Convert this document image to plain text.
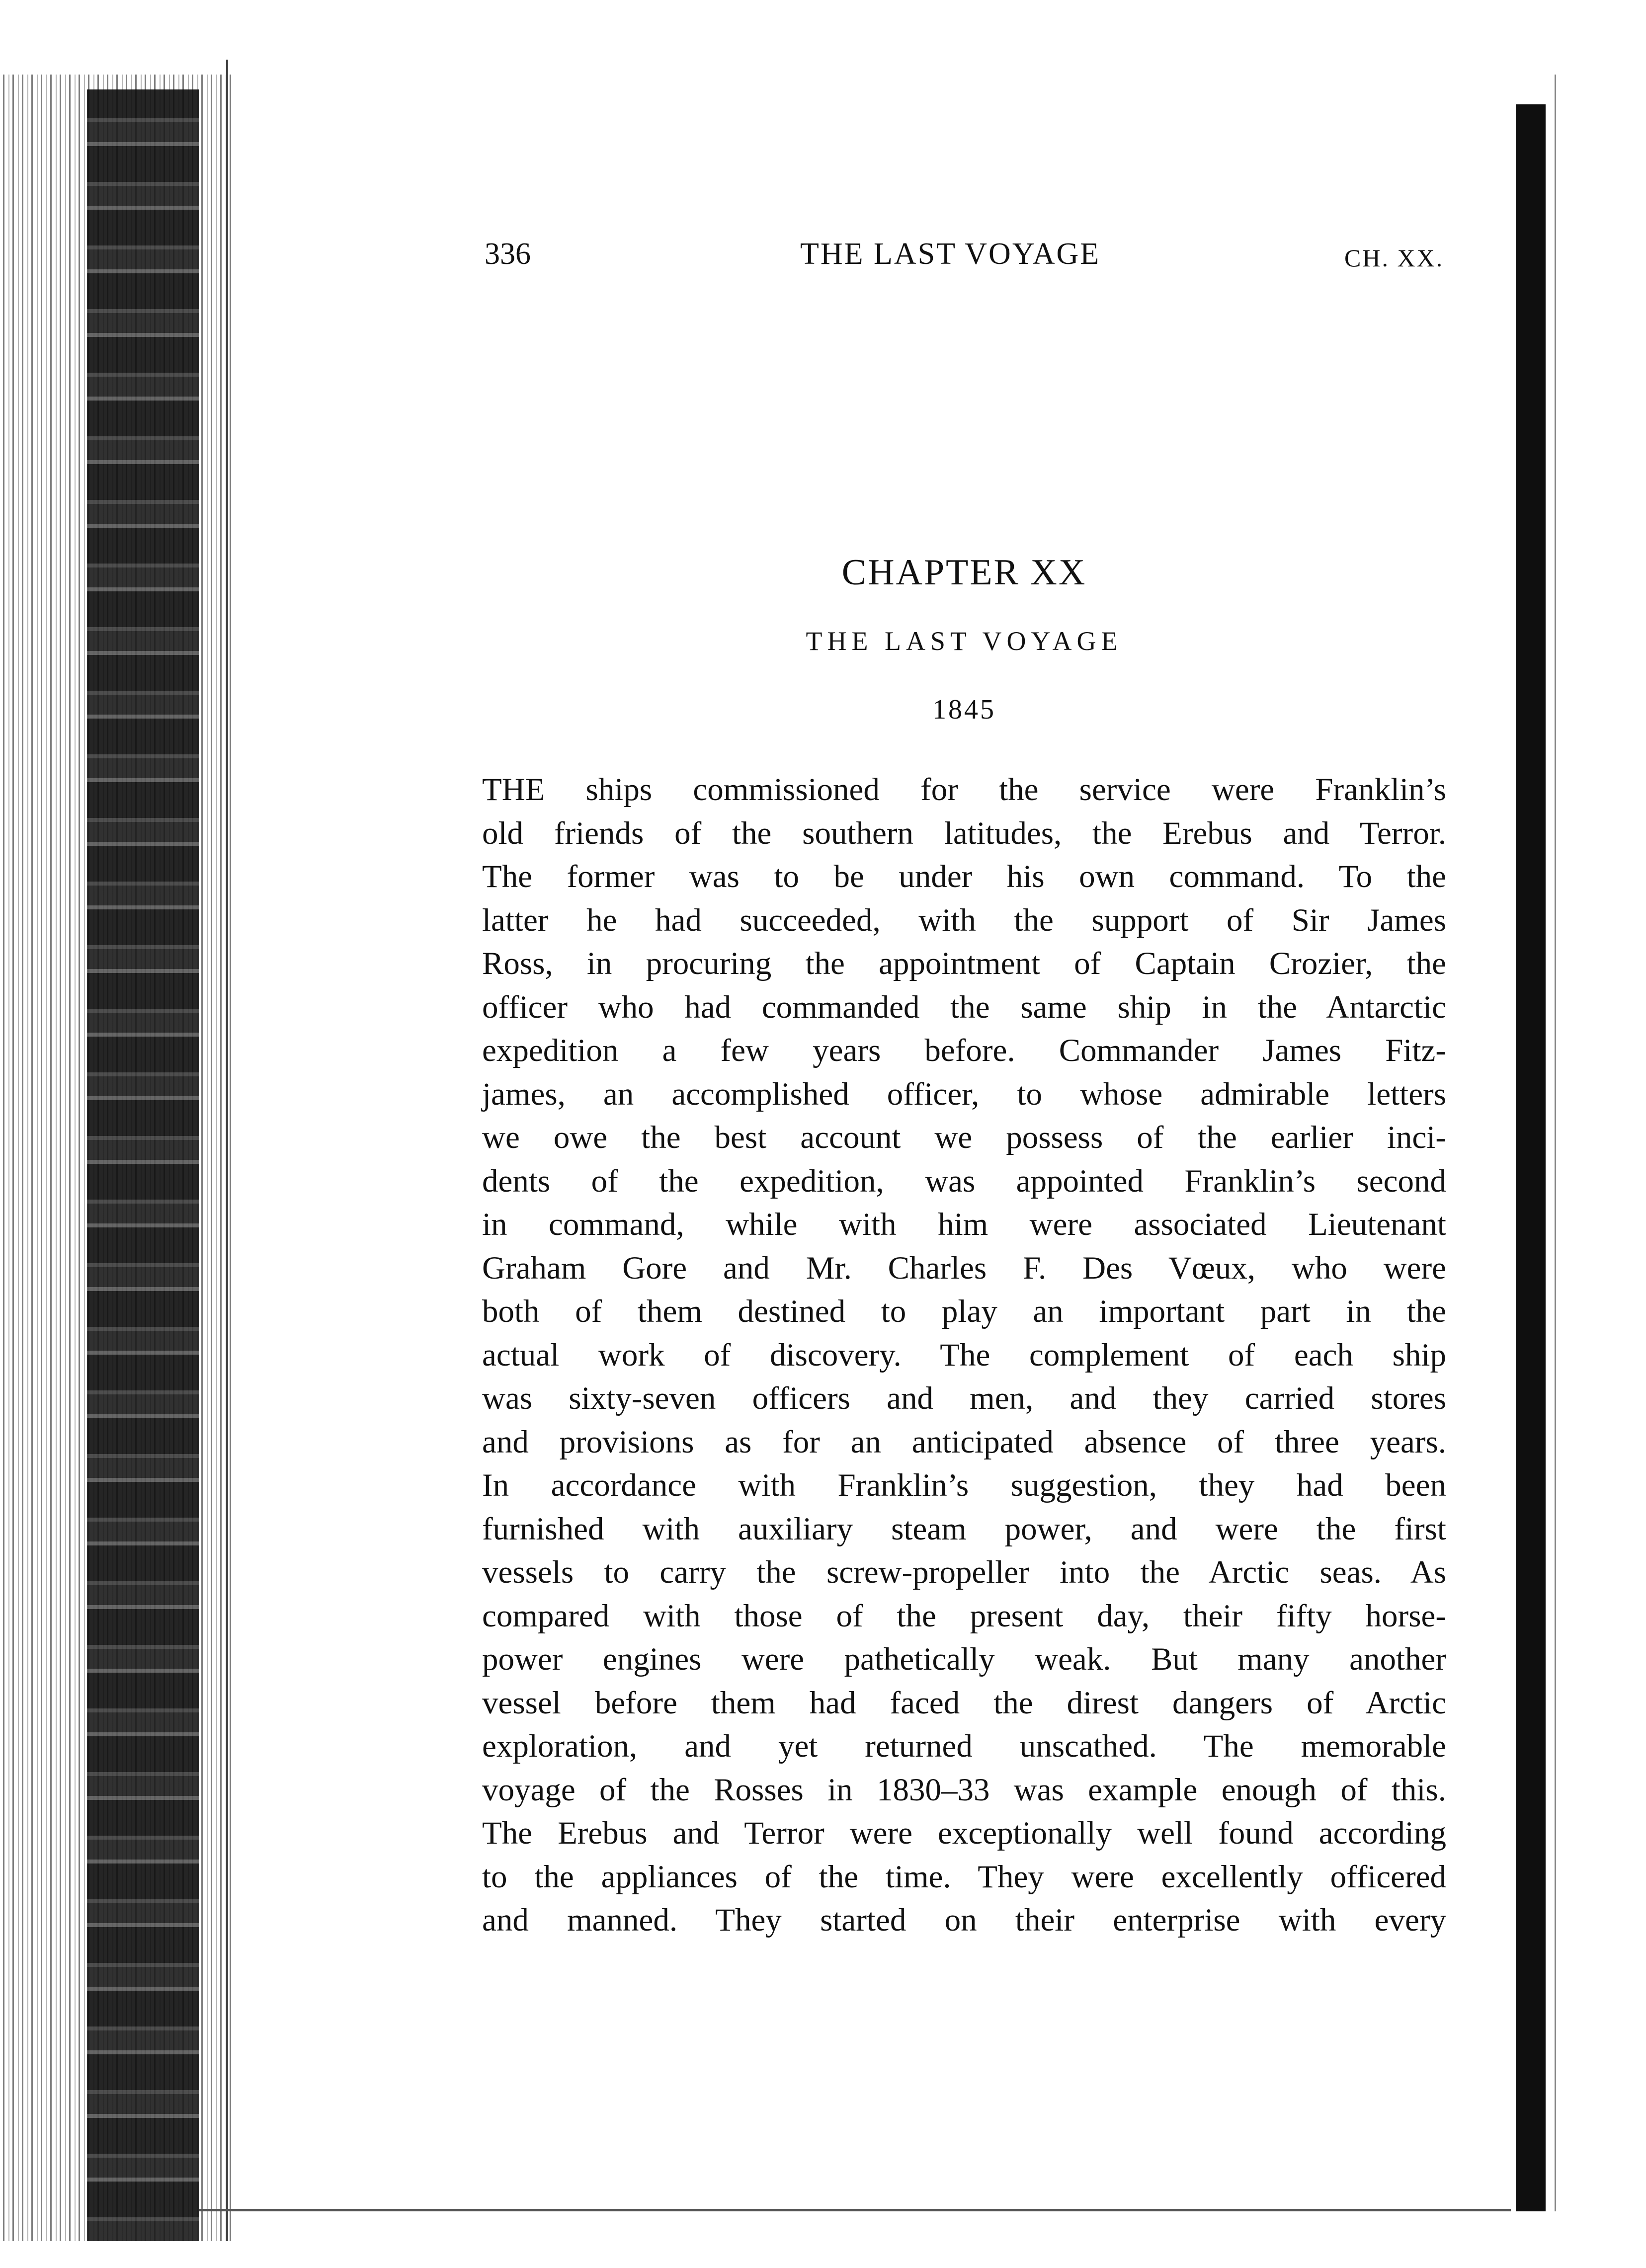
336	THE LAST VOYAGE	CH. XX.
CHAPTER XX
THE LAST VOYAGE
1845
THE ships commissioned for the service were Franklin’s
old friends of the southern latitudes, the Erebus and Terror.
The former was to be under his own command. To the
latter he had succeeded, with the support of Sir James
Ross, in procuring the appointment of Captain Crozier, the
officer who had commanded the same ship in the Antarctic
expedition a few years before. Commander James Fitz-
james, an accomplished officer, to whose admirable letters
we owe the best account we possess of the earlier inci-
dents of the expedition, was appointed Franklin’s second
in command, while with him were associated Lieutenant
Graham Gore and Mr. Charles F. Des Vœux, who were
both of them destined to play an important part in the
actual work of discovery. The complement of each ship
was sixty-seven officers and men, and they carried stores
and provisions as for an anticipated absence of three years.
In accordance with Franklin’s suggestion, they had been
furnished with auxiliary steam power, and were the first
vessels to carry the screw-propeller into the Arctic seas. As
compared with those of the present day, their fifty horse-
power engines were pathetically weak. But many another
vessel before them had faced the direst dangers of Arctic
exploration, and yet returned unscathed. The memorable
voyage of the Rosses in 1830–33 was example enough of this.
The Erebus and Terror were exceptionally well found according
to the appliances of the time. They were excellently officered
and manned. They started on their enterprise with every
